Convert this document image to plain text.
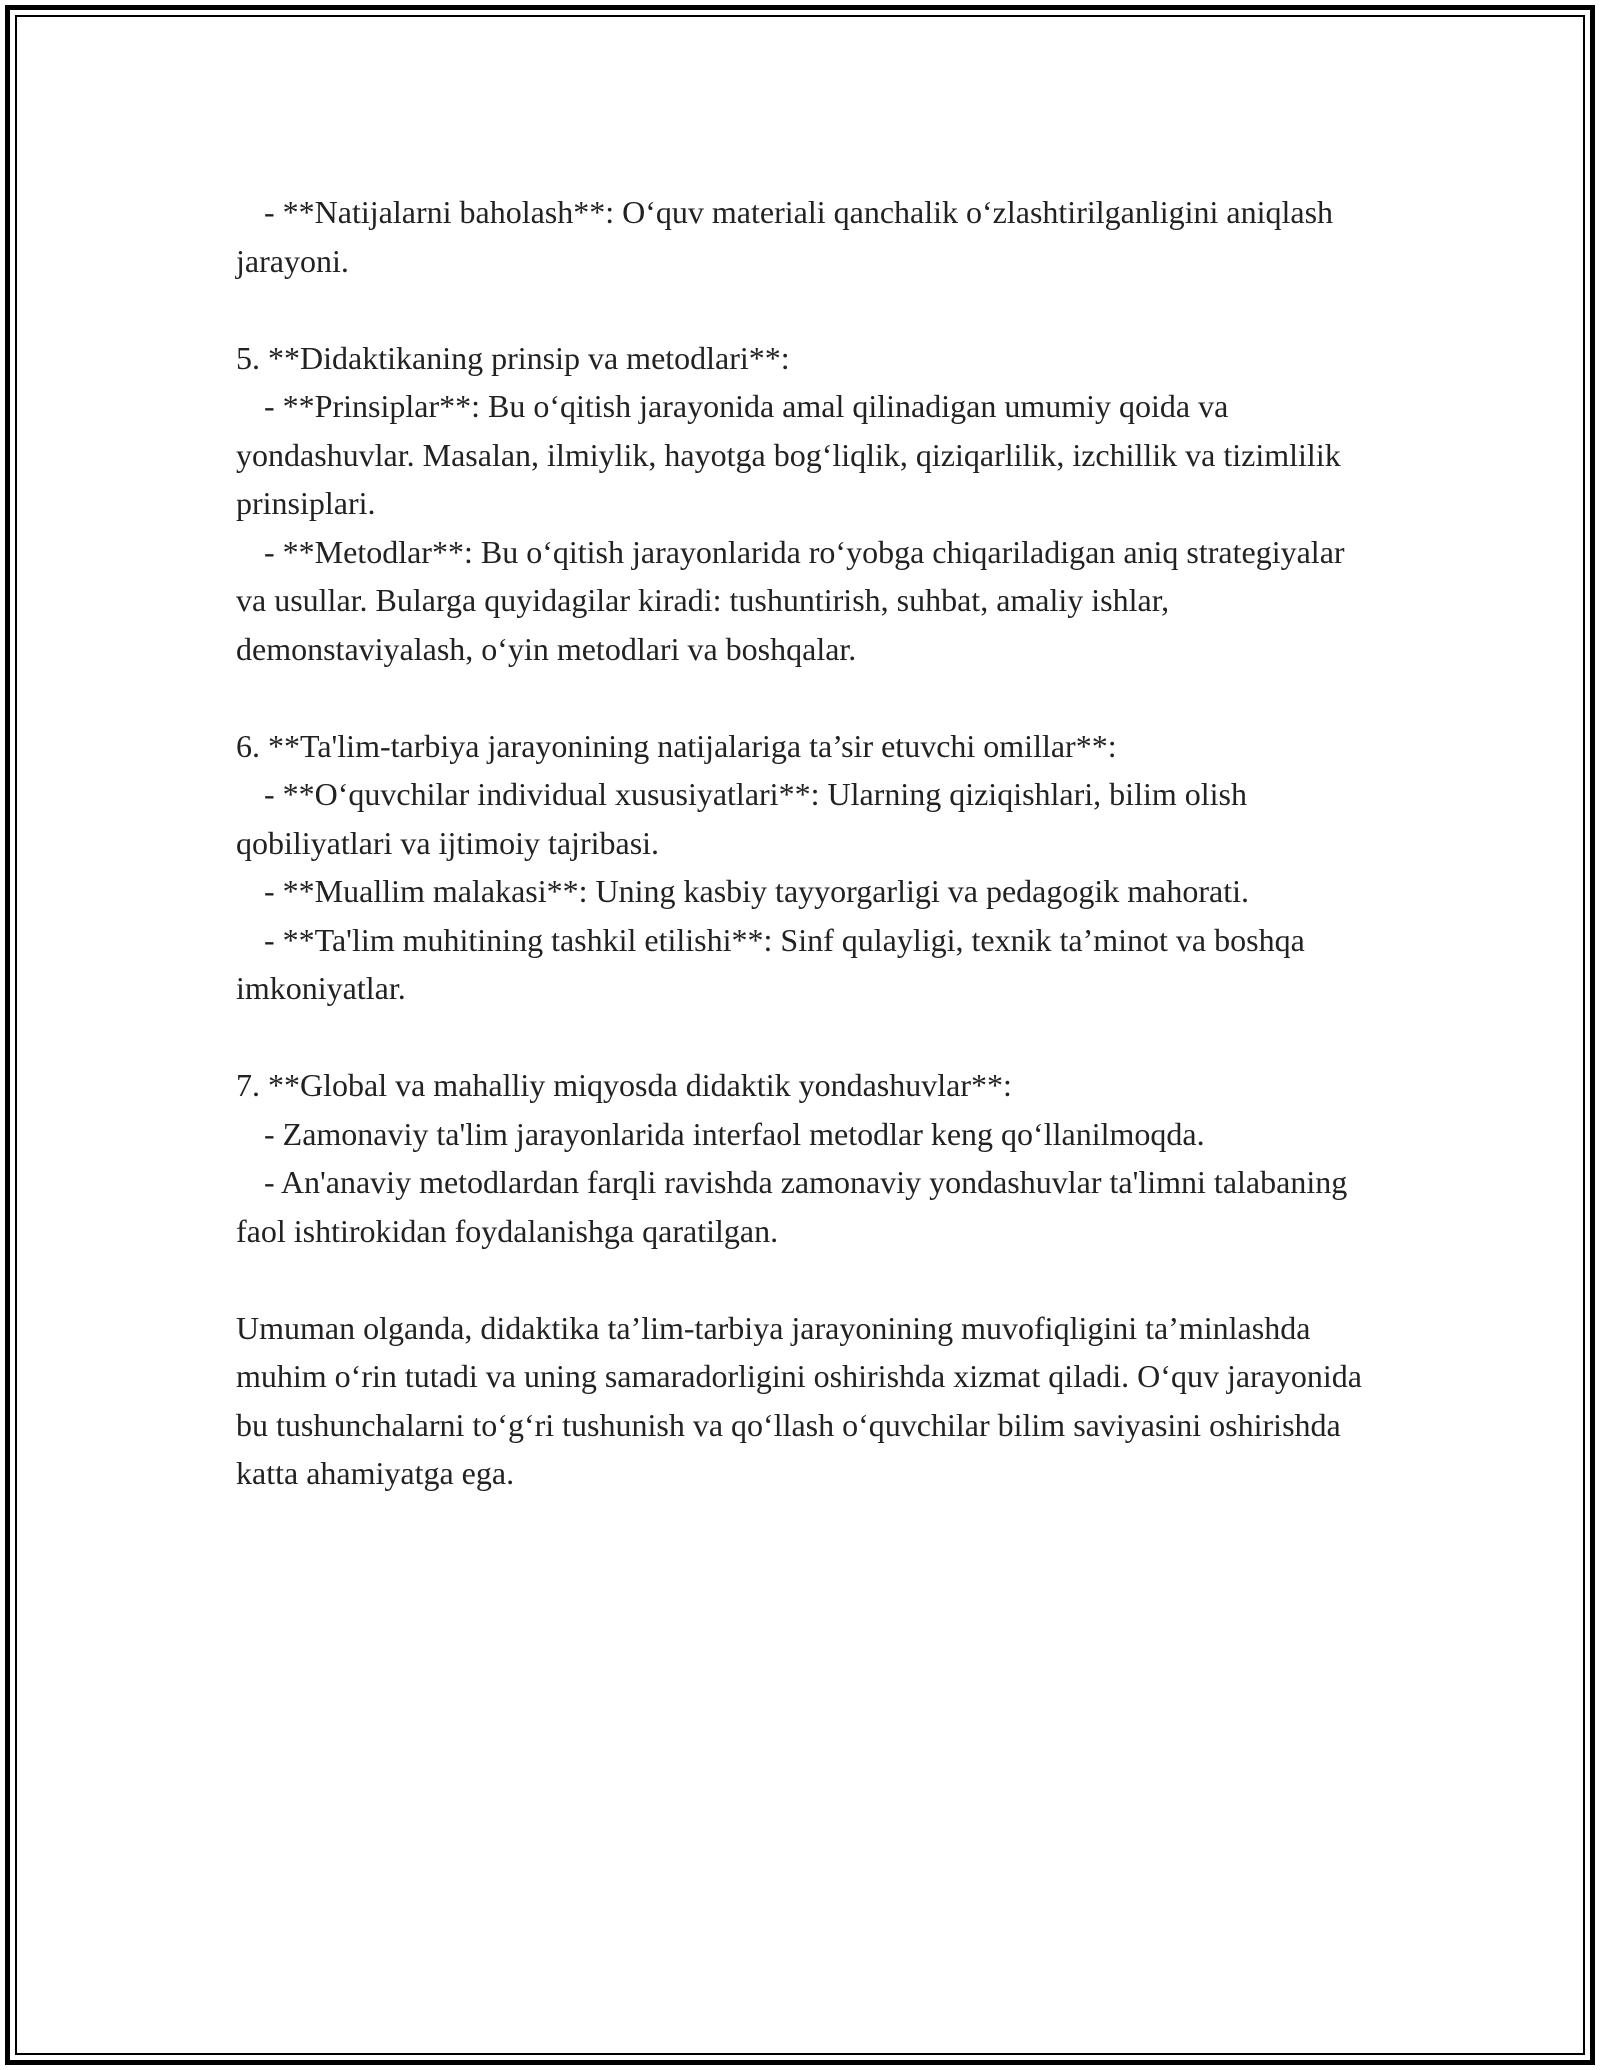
- **Natijalarni baholash**: O‘quv materiali qanchalik o‘zlashtirilganligini aniqlash jarayoni.
5. **Didaktikaning prinsip va metodlari**:
- **Prinsiplar**: Bu o‘qitish jarayonida amal qilinadigan umumiy qoida va yondashuvlar. Masalan, ilmiylik, hayotga bog‘liqlik, qiziqarlilik, izchillik va tizimlilik prinsiplari.
- **Metodlar**: Bu o‘qitish jarayonlarida ro‘yobga chiqariladigan aniq strategiyalar va usullar. Bularga quyidagilar kiradi: tushuntirish, suhbat, amaliy ishlar, demonstaviyalash, o‘yin metodlari va boshqalar.
6. **Ta'lim-tarbiya jarayonining natijalariga ta’sir etuvchi omillar**:
- **O‘quvchilar individual xususiyatlari**: Ularning qiziqishlari, bilim olish qobiliyatlari va ijtimoiy tajribasi.
- **Muallim malakasi**: Uning kasbiy tayyorgarligi va pedagogik mahorati.
- **Ta'lim muhitining tashkil etilishi**: Sinf qulayligi, texnik ta’minot va boshqa imkoniyatlar.
7. **Global va mahalliy miqyosda didaktik yondashuvlar**:
- Zamonaviy ta'lim jarayonlarida interfaol metodlar keng qo‘llanilmoqda.
- An'anaviy metodlardan farqli ravishda zamonaviy yondashuvlar ta'limni talabaning faol ishtirokidan foydalanishga qaratilgan.
Umuman olganda, didaktika ta’lim-tarbiya jarayonining muvofiqligini ta’minlashda muhim o‘rin tutadi va uning samaradorligini oshirishda xizmat qiladi. O‘quv jarayonida bu tushunchalarni to‘g‘ri tushunish va qo‘llash o‘quvchilar bilim saviyasini oshirishda katta ahamiyatga ega.
